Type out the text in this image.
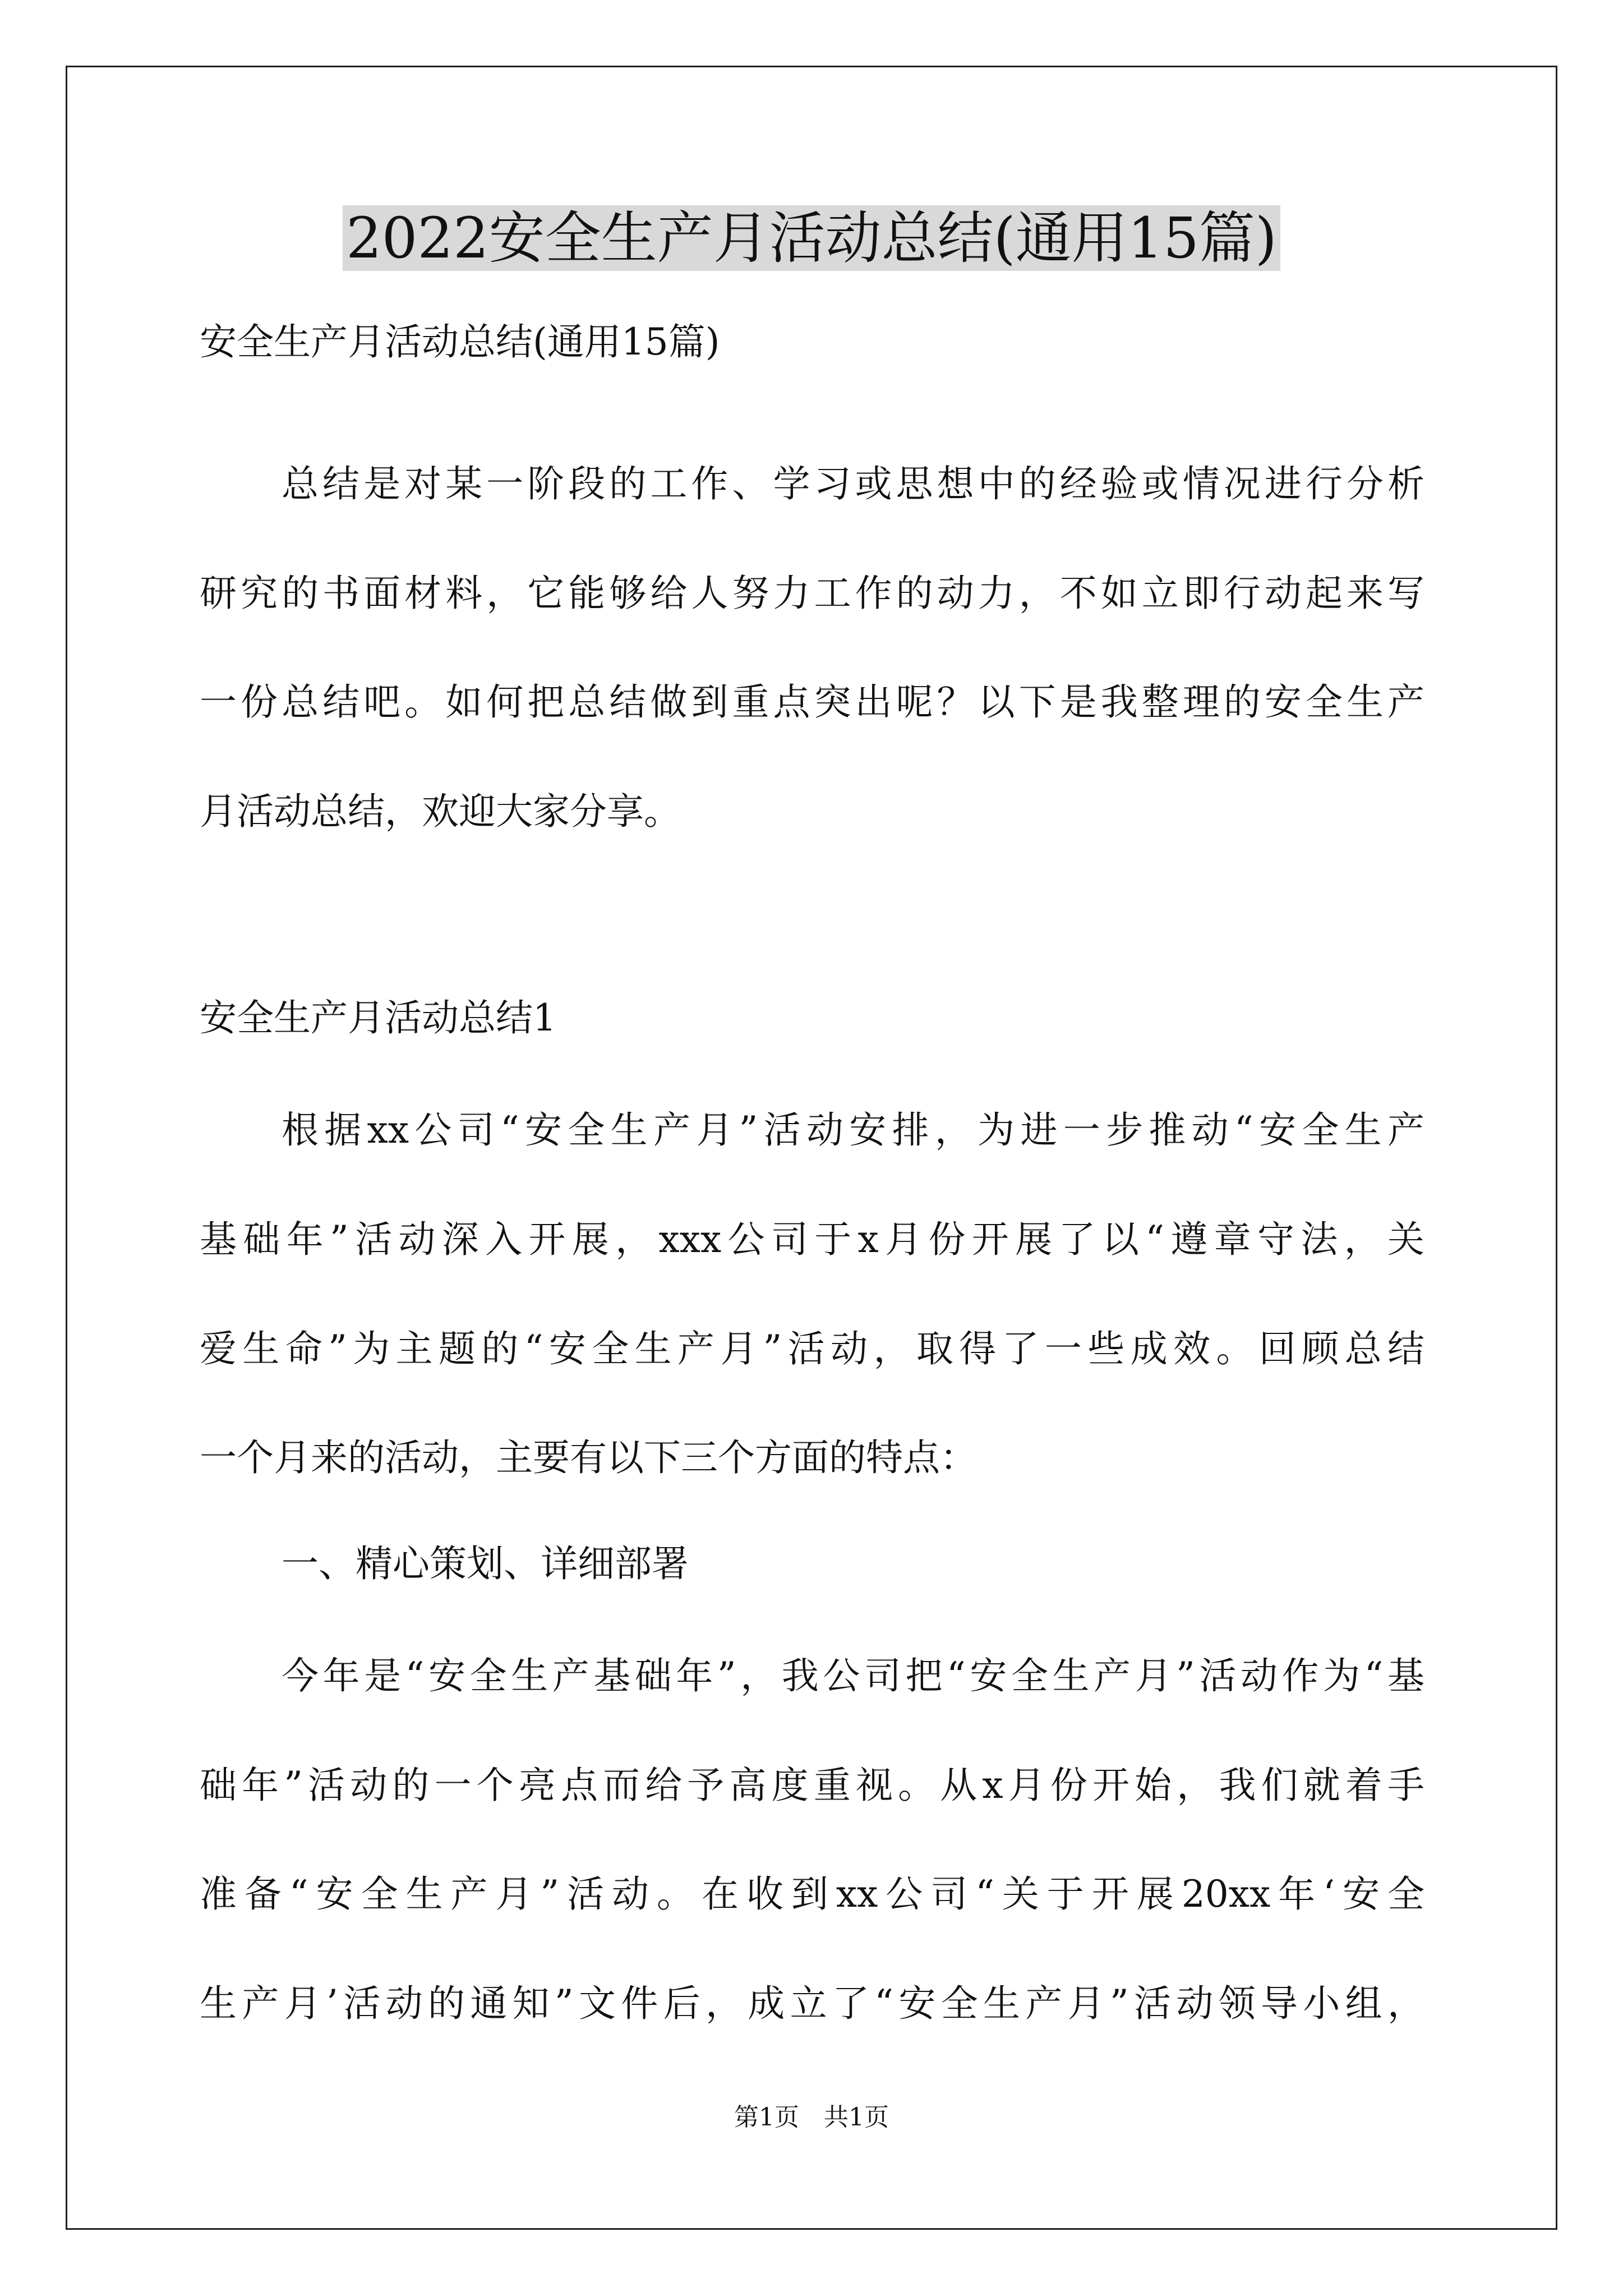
2022安全生产月活动总结(通用15篇)

安全生产月活动总结(通用15篇)

总结是对某一阶段的工作、学习或思想中的经验或情况进行分析

研究的书面材料，它能够给人努力工作的动力，不如立即行动起来写

一份总结吧。如何把总结做到重点突出呢？以下是我整理的安全生产

月活动总结，欢迎大家分享。

安全生产月活动总结1

根据xx公司“安全生产月”活动安排，为进一步推动“安全生产

基础年”活动深入开展，xxx公司于x月份开展了以“遵章守法，关

爱生命”为主题的“安全生产月”活动，取得了一些成效。回顾总结

一个月来的活动，主要有以下三个方面的特点：

一、精心策划、详细部署

今年是“安全生产基础年”，我公司把“安全生产月”活动作为“基

础年”活动的一个亮点而给予高度重视。从x月份开始，我们就着手

准备“安全生产月”活动。在收到xx公司“关于开展20xx年‘安全

生产月’活动的通知”文件后，成立了“安全生产月”活动领导小组，

第1页　共1页
